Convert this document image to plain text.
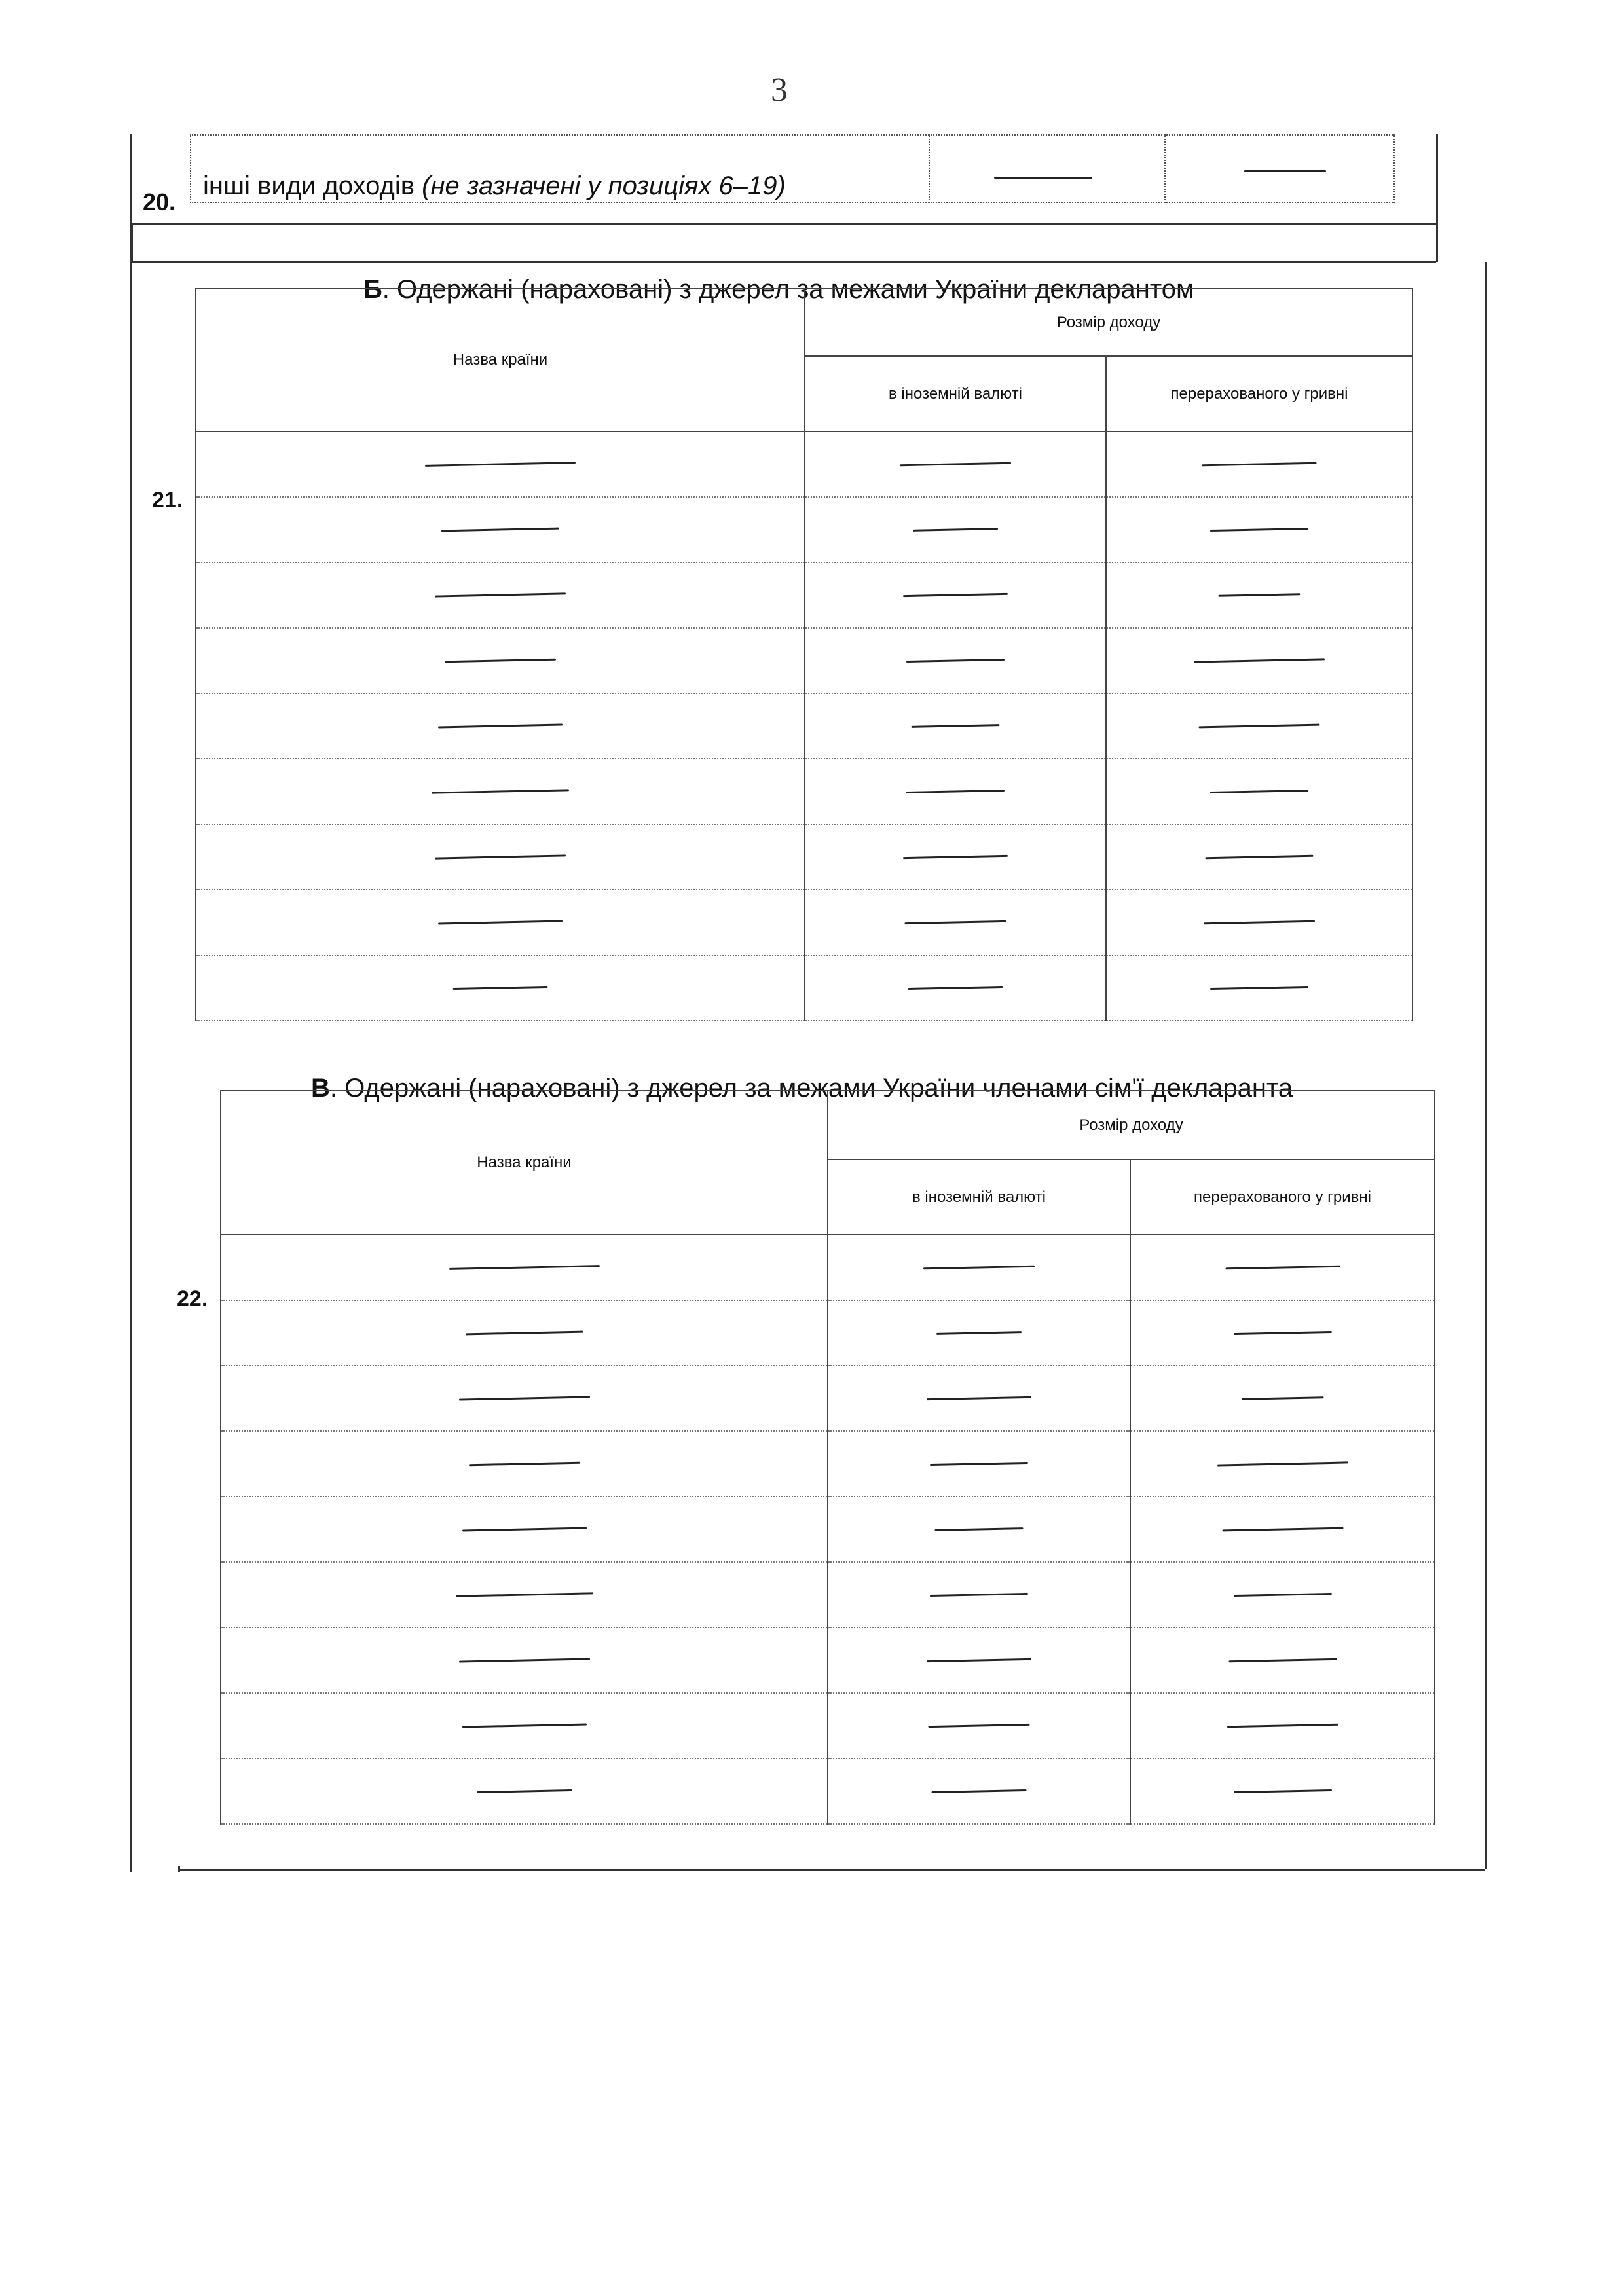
3
20.
інші види доходів (не зазначені у позиціях 6–19)
Б. Одержані (нараховані) з джерел за межами України декларантом
21.
Назва країни	Розмір доходу	
	в іноземній валюті	перерахованого у гривні

В. Одержані (нараховані) з джерел за межами України членами сім'ї декларанта
22.
Назва країни	Розмір доходу	
	в іноземній валюті	перерахованого у гривні
